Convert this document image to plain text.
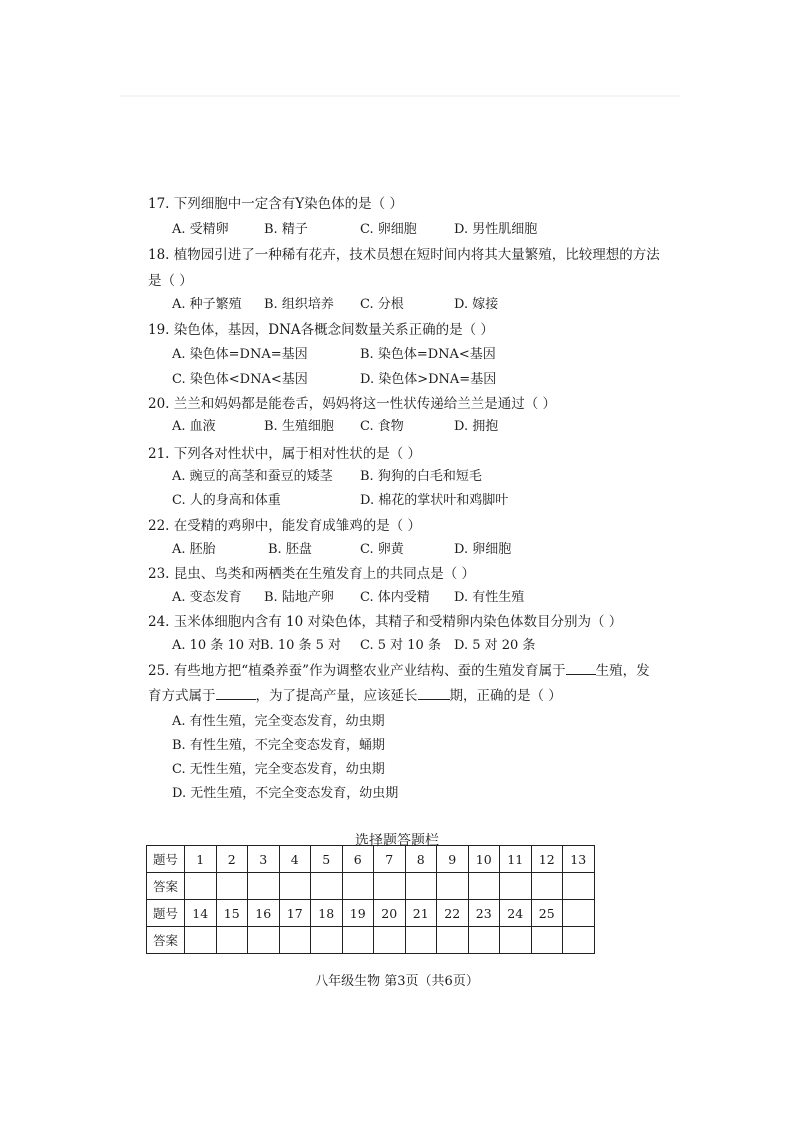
17. 下列细胞中一定含有Y染色体的是（ ）
A. 受精卵	B. 精子	C. 卵细胞	D. 男性肌细胞
18. 植物园引进了一种稀有花卉，技术员想在短时间内将其大量繁殖，比较理想的方法
是（ ）
A. 种子繁殖 B. 组织培养 C. 分根	D. 嫁接
19. 染色体，基因，DNA各概念间数量关系正确的是（ ）
A. 染色体=DNA=基因	B. 染色体=DNA<基因
C. 染色体<DNA<基因	D. 染色体>DNA=基因
20. 兰兰和妈妈都是能卷舌，妈妈将这一性状传递给兰兰是通过（ ）
A. 血液	B. 生殖细胞 C. 食物	D. 拥抱
21. 下列各对性状中，属于相对性状的是（ ）
A. 豌豆的高茎和蚕豆的矮茎 B. 狗狗的白毛和短毛
C. 人的身高和体重	D. 棉花的掌状叶和鸡脚叶
22. 在受精的鸡卵中，能发育成雏鸡的是（ ）
A. 胚胎	B. 胚盘	C. 卵黄	D. 卵细胞
23. 昆虫、鸟类和两栖类在生殖发育上的共同点是（ ）
A. 变态发育 B. 陆地产卵 C. 体内受精 D. 有性生殖
24. 玉米体细胞内含有 10 对染色体，其精子和受精卵内染色体数目分别为（ ）
A. 10 条 10 对
B. 10 条 5 对 C. 5 对 10 条 D. 5 对 20 条
25. 有些地方把“植桑养蚕”作为调整农业产业结构、蚕的生殖发育属于 生殖，发
育方式属于	，为了提高产量，应该延长 期，正确的是（ ）
A. 有性生殖，完全变态发育，幼虫期
B. 有性生殖，不完全变态发育，蛹期
C. 无性生殖，完全变态发育，幼虫期
D. 无性生殖，不完全变态发育，幼虫期
选择题答题栏
题号	1	2	3	4	5	6	7	8	9	10	11	12	13
答案													
题号	14	15	16	17	18	19	20	21	22	23	24	25	
答案													
八年级生物 第3页（共6页）
